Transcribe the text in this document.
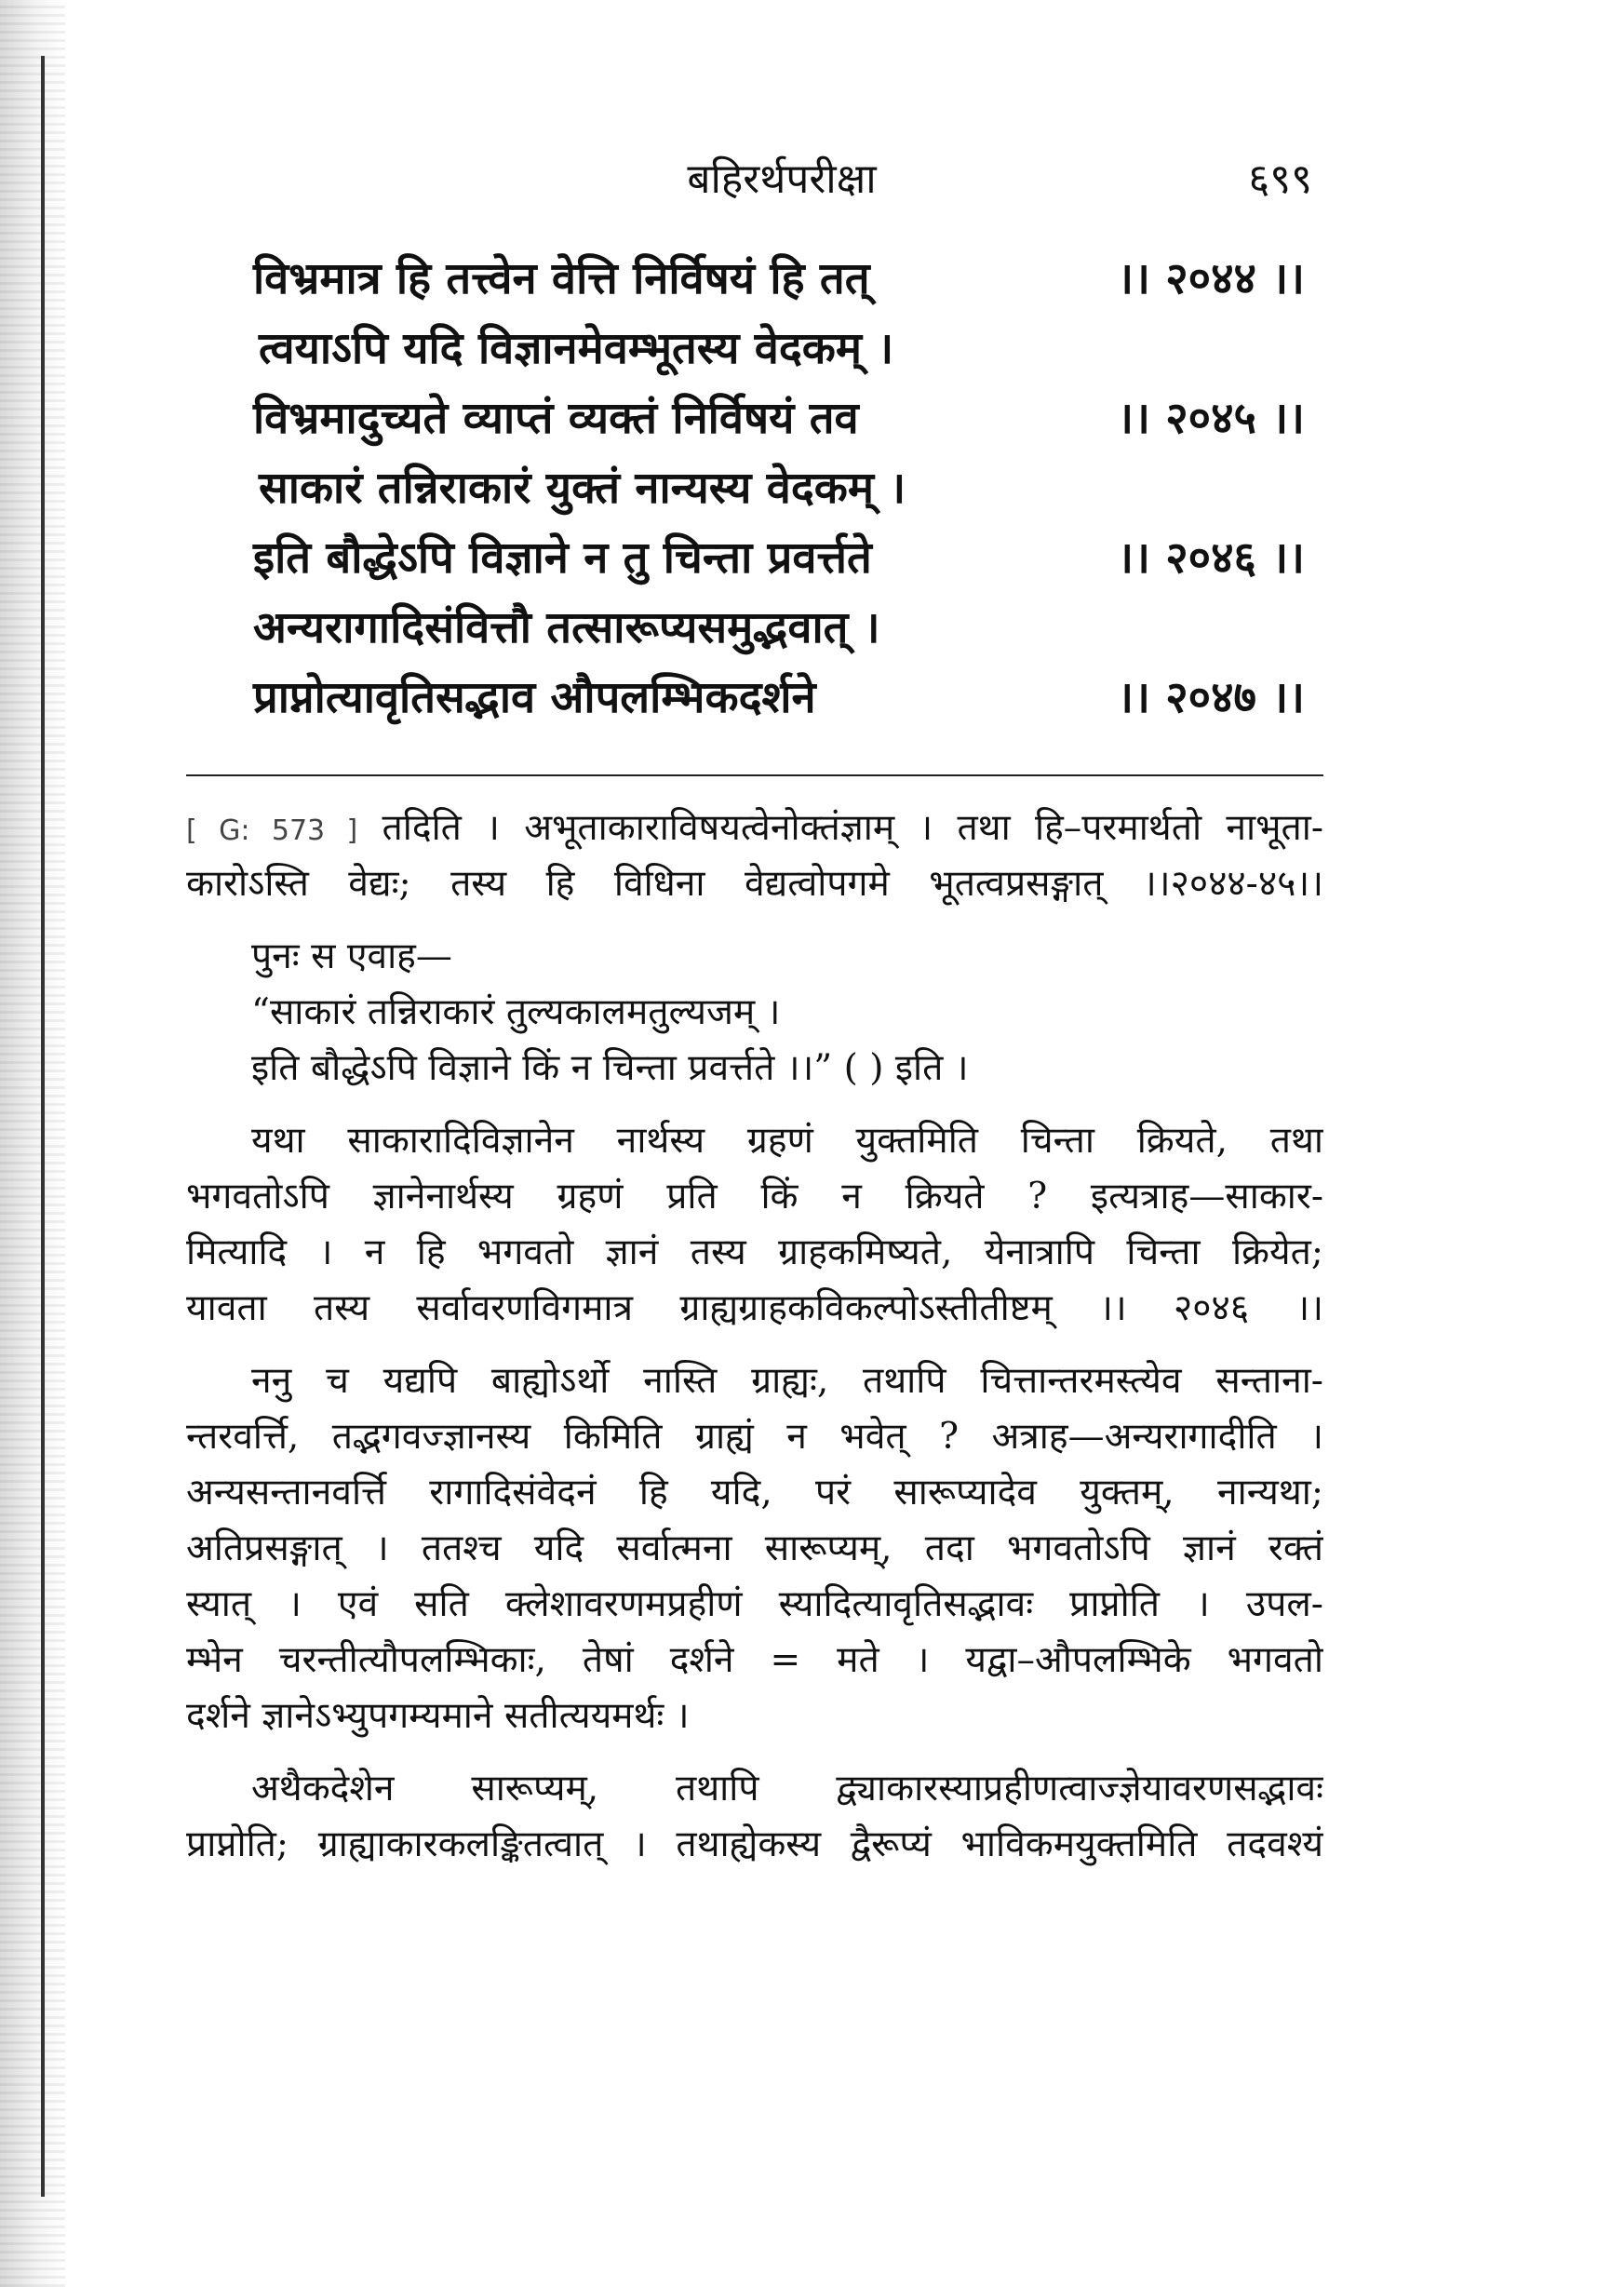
बहिरर्थपरीक्षा	६९९
विभ्रमात्र हि तत्त्वेन वेत्ति निर्विषयं हि तत्	।। २०४४ ।।
त्वयाऽपि यदि विज्ञानमेवम्भूतस्य वेदकम् ।
विभ्रमादुच्यते व्याप्तं व्यक्तं निर्विषयं तव	।। २०४५ ।।
साकारं तन्निराकारं युक्तं नान्यस्य वेदकम् ।
इति बौद्धेऽपि विज्ञाने न तु चिन्ता प्रवर्त्तते	।। २०४६ ।।
अन्यरागादिसंवित्तौ तत्सारूप्यसमुद्भवात् ।
प्राप्नोत्यावृतिसद्भाव औपलम्भिकदर्शने	।। २०४७ ।।
[ G: 573 ] तदिति । अभूताकाराविषयत्वेनोक्तंज्ञाम् । तथा हि–परमार्थतो नाभूता-
कारोऽस्ति वेद्यः; तस्य हि विधिना वेद्यत्वोपगमे भूतत्वप्रसङ्गात् ।।२०४४-४५।।
पुनः स एवाह—
“साकारं तन्निराकारं तुल्यकालमतुल्यजम् ।
इति बौद्धेऽपि विज्ञाने किं न चिन्ता प्रवर्त्तते ।।” ( ) इति ।
यथा साकारादिविज्ञानेन नार्थस्य ग्रहणं युक्तमिति चिन्ता क्रियते, तथा
भगवतोऽपि ज्ञानेनार्थस्य ग्रहणं प्रति किं न क्रियते ? इत्यत्राह—साकार-
मित्यादि । न हि भगवतो ज्ञानं तस्य ग्राहकमिष्यते, येनात्रापि चिन्ता क्रियेत;
यावता तस्य सर्वावरणविगमात्र ग्राह्यग्राहकविकल्पोऽस्तीतीष्टम् ।। २०४६ ।।
ननु च यद्यपि बाह्योऽर्थो नास्ति ग्राह्यः, तथापि चित्तान्तरमस्त्येव सन्ताना-
न्तरवर्त्ति, तद्भगवज्ज्ञानस्य किमिति ग्राह्यं न भवेत् ? अत्राह—अन्यरागादीति ।
अन्यसन्तानवर्त्ति रागादिसंवेदनं हि यदि, परं सारूप्यादेव युक्तम्, नान्यथा;
अतिप्रसङ्गात् । ततश्च यदि सर्वात्मना सारूप्यम्, तदा भगवतोऽपि ज्ञानं रक्तं
स्यात् । एवं सति क्लेशावरणमप्रहीणं स्यादित्यावृतिसद्भावः प्राप्नोति । उपल-
म्भेन चरन्तीत्यौपलम्भिकाः, तेषां दर्शने = मते । यद्वा–औपलम्भिके भगवतो
दर्शने ज्ञानेऽभ्युपगम्यमाने सतीत्ययमर्थः ।
अथैकदेशेन सारूप्यम्, तथापि द्व्याकारस्याप्रहीणत्वाज्ज्ञेयावरणसद्भावः
प्राप्नोति; ग्राह्याकारकलङ्कितत्वात् । तथाह्येकस्य द्वैरूप्यं भाविकमयुक्तमिति तदवश्यं
